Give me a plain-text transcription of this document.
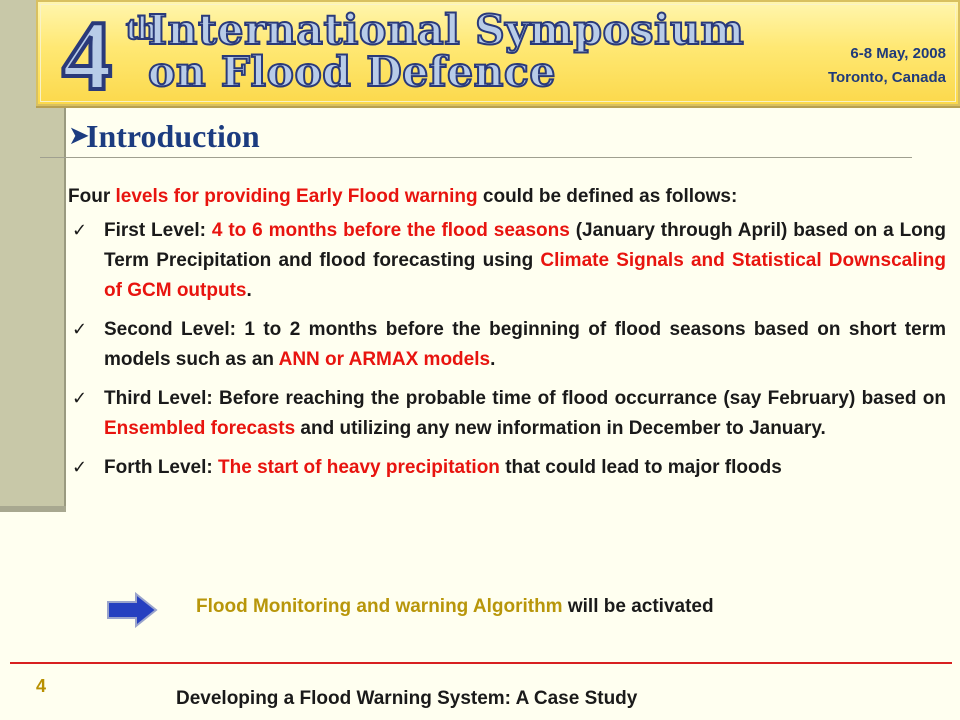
4 th
International Symposium
on Flood Defence	6-8 May, 2008
Toronto, Canada
➤
Introduction
Four levels for providing Early Flood warning could be defined as follows:
✓ First Level: 4 to 6 months before the flood seasons (January through April) based on a Long Term Precipitation and flood forecasting using Climate Signals and Statistical Downscaling of GCM outputs.
✓ Second Level: 1 to 2 months before the beginning of flood seasons based on short term models such as an ANN or ARMAX models.
✓ Third Level: Before reaching the probable time of flood occurrance (say February) based on Ensembled forecasts and utilizing any new information in December to January.
✓ Forth Level: The start of heavy precipitation that could lead to major floods
Flood Monitoring and warning Algorithm will be activated
4
Developing a Flood Warning System: A Case Study
